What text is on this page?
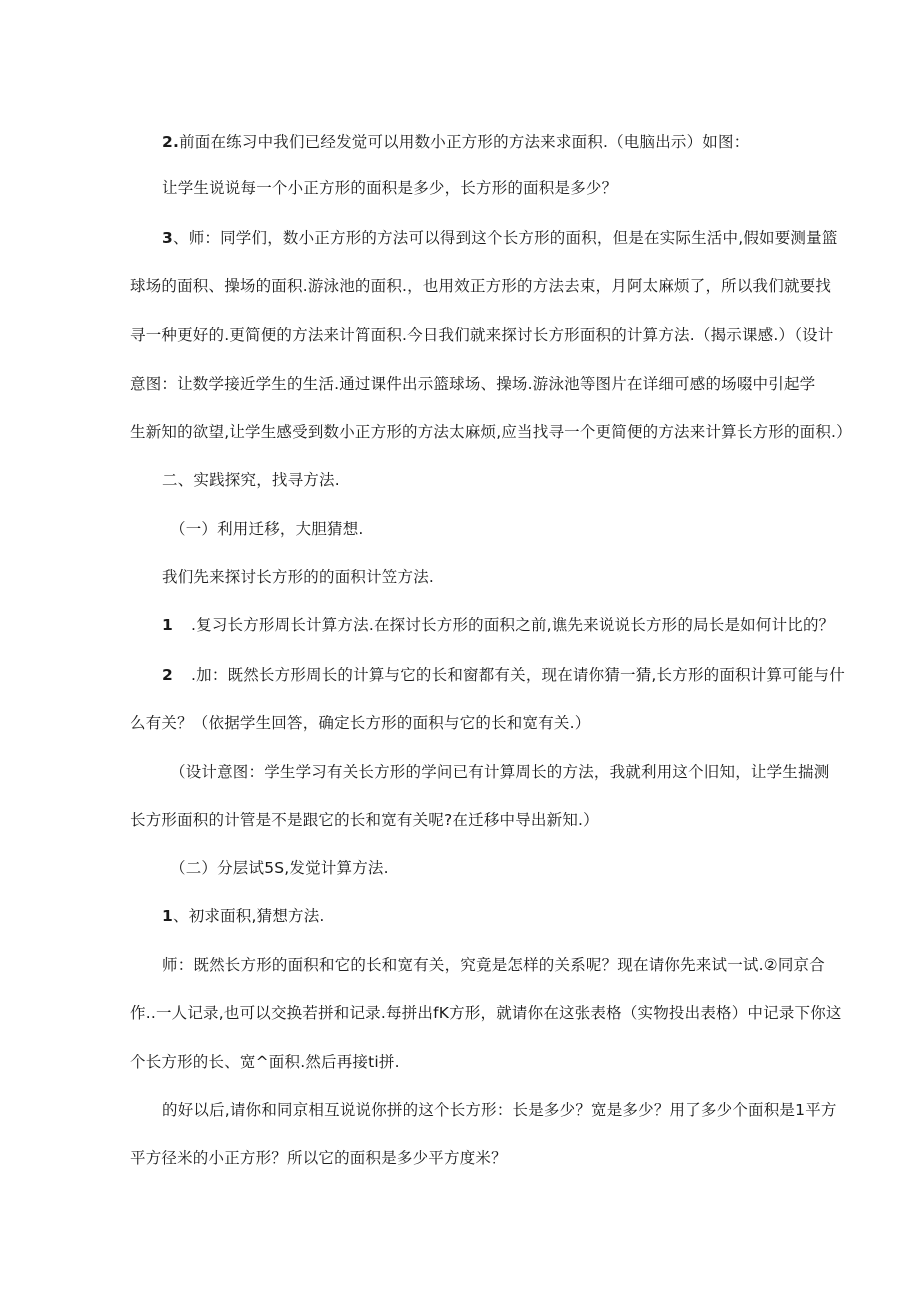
2.前面在练习中我们已经发觉可以用数小正方形的方法来求面积.（电脑出示）如图：
让学生说说每一个小正方形的面积是多少，长方形的面积是多少？
3、师：同学们，数小正方形的方法可以得到这个长方形的面积，但是在实际生活中,假如要测量篮
球场的面积、操场的面积.游泳池的面积.，也用效正方形的方法去束，月阿太麻烦了，所以我们就要找
寻一种更好的.更简便的方法来计筲面积.今日我们就来探讨长方形面积的计算方法.（揭示课感.）（设计
意图：让数学接近学生的生活.通过课件出示篮球场、操场.游泳池等图片在详细可感的场啜中引起学
生新知的欲望,让学生感受到数小正方形的方法太麻烦,应当找寻一个更简便的方法来计算长方形的面积.）
二、实践探究，找寻方法.
（一）利用迁移，大胆猜想.
我们先来探讨长方形的的面积计笠方法.
1 .复习长方形周长计算方法.在探讨长方形的面积之前,谯先来说说长方形的局长是如何计比的？
2 .加：既然长方形周长的计算与它的长和窗都有关，现在请你猜一猜,长方形的面积计算可能与什
么有关？（依据学生回答，确定长方形的面积与它的长和宽有关.）
（设计意图：学生学习有关长方形的学问已有计算周长的方法，我就利用这个旧知，让学生揣测
长方形面积的计管是不是跟它的长和宽有关呢?在迁移中导出新知.）
（二）分层试5S,发觉计算方法.
1、初求面积,猜想方法.
师：既然长方形的面积和它的长和宽有关，究竟是怎样的关系呢？现在请你先来试一试.②同京合
作..一人记录,也可以交换若拼和记录.每拼出fK方形，就请你在这张表格（实物投出表格）中记录下你这
个长方形的长、宽^面积.然后再接ti拼.
的好以后,请你和同京相互说说你拼的这个长方形：长是多少？宽是多少？用了多少个面积是1平方
平方径米的小正方形？所以它的面积是多少平方度米？
